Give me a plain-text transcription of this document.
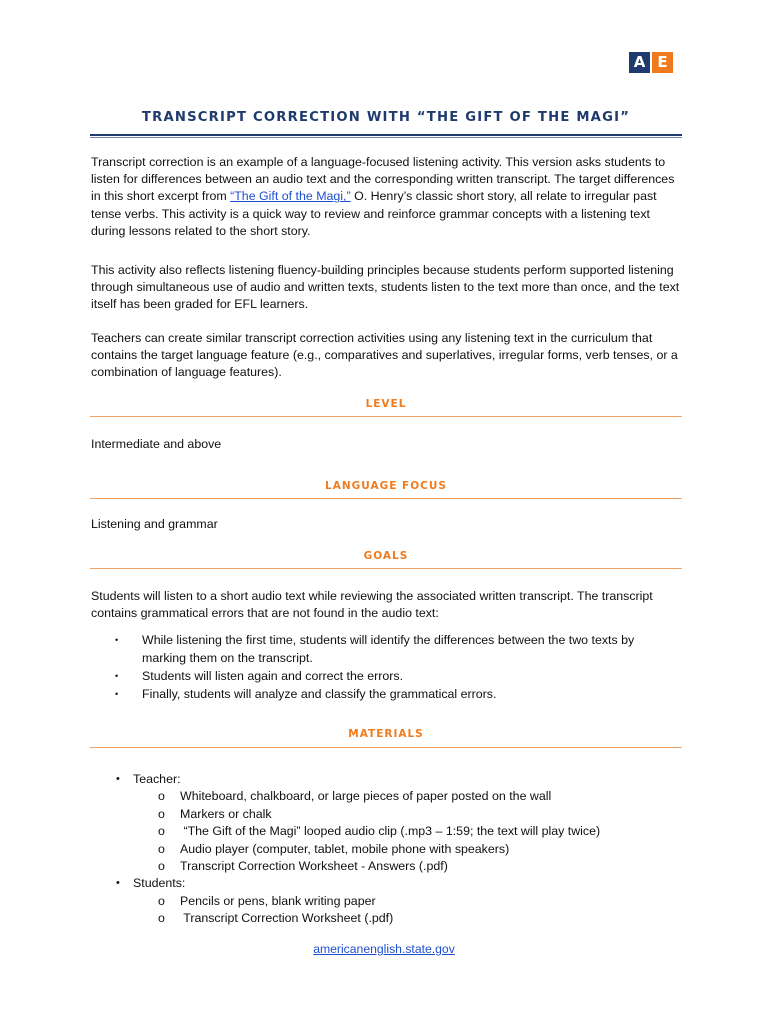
A E
TRANSCRIPT CORRECTION WITH “THE GIFT OF THE MAGI”

Transcript correction is an example of a language-focused listening activity. This version asks students to listen for differences between an audio text and the corresponding written transcript. The target differences in this short excerpt from “The Gift of the Magi,” O. Henry’s classic short story, all relate to irregular past tense verbs. This activity is a quick way to review and reinforce grammar concepts with a listening text during lessons related to the short story.

This activity also reflects listening fluency-building principles because students perform supported listening through simultaneous use of audio and written texts, students listen to the text more than once, and the text itself has been graded for EFL learners.

Teachers can create similar transcript correction activities using any listening text in the curriculum that contains the target language feature (e.g., comparatives and superlatives, irregular forms, verb tenses, or a combination of language features).

LEVEL

Intermediate and above

LANGUAGE FOCUS

Listening and grammar

GOALS

Students will listen to a short audio text while reviewing the associated written transcript. The transcript contains grammatical errors that are not found in the audio text:

•	While listening the first time, students will identify the differences between the two texts by marking them on the transcript.
•	Students will listen again and correct the errors.
•	Finally, students will analyze and classify the grammatical errors.
MATERIALS
•	Teacher:
o	Whiteboard, chalkboard, or large pieces of paper posted on the wall
o	Markers or chalk
o	“The Gift of the Magi” looped audio clip (.mp3 – 1:59; the text will play twice)
o	Audio player (computer, tablet, mobile phone with speakers)
o	Transcript Correction Worksheet - Answers (.pdf)
•	Students:
o	Pencils or pens, blank writing paper
o	Transcript Correction Worksheet (.pdf)
americanenglish.state.gov
